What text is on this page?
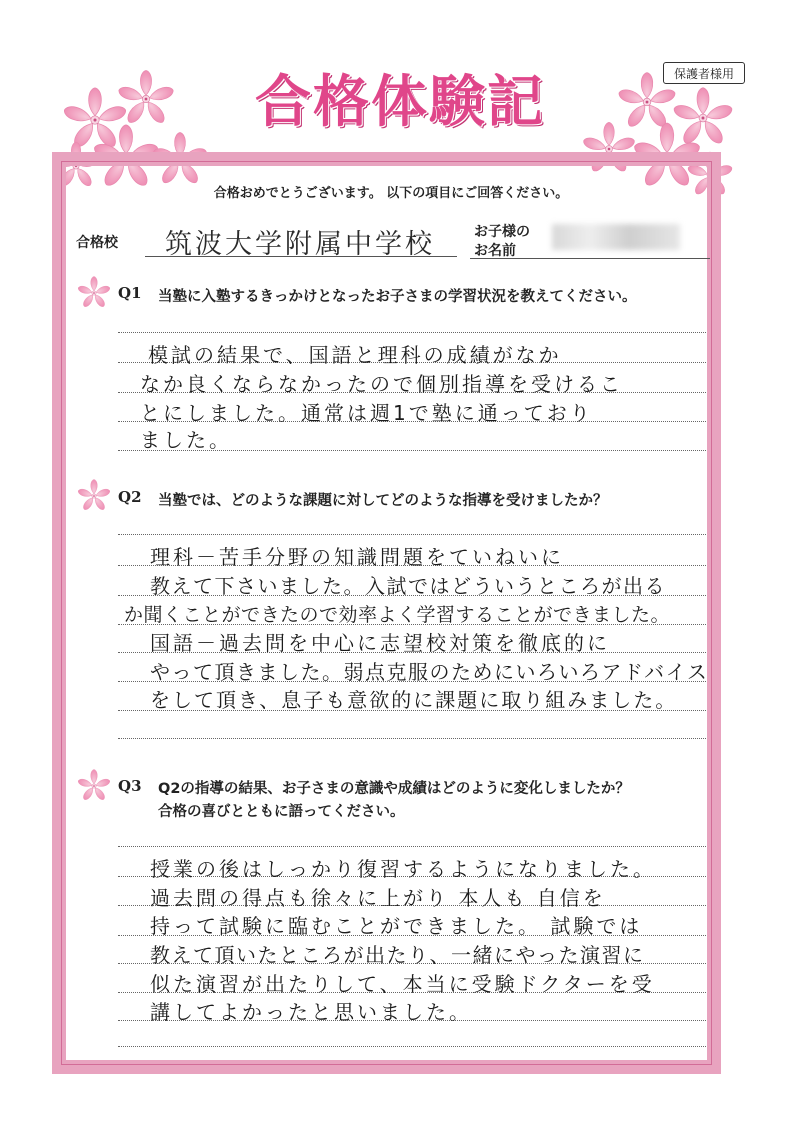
保護者様用
合格体験記
合格おめでとうございます。 以下の項目にご回答ください。
合格校 筑波大学附属中学校	お子様の
お名前
Q1 当塾に入塾するきっかけとなったお子さまの学習状況を教えてください。
模試の結果で、国語と理科の成績がなか
なか良くならなかったので個別指導を受けるこ
とにしました。通常は週1で塾に通っており
ました。
Q2 当塾では、どのような課題に対してどのような指導を受けましたか？
理科－苦手分野の知識問題をていねいに
教えて下さいました。入試ではどういうところが出る
か聞くことができたので効率よく学習することができました。
国語－過去問を中心に志望校対策を徹底的に
やって頂きました。弱点克服のためにいろいろアドバイス
をして頂き、息子も意欲的に課題に取り組みました。
Q3 Q2の指導の結果、お子さまの意識や成績はどのように変化しましたか？
合格の喜びとともに語ってください。
授業の後はしっかり復習するようになりました。
過去問の得点も徐々に上がり 本人も 自信を
持って試験に臨むことができました。 試験では
教えて頂いたところが出たり、一緒にやった演習に
似た演習が出たりして、本当に受験ドクターを受
講してよかったと思いました。
